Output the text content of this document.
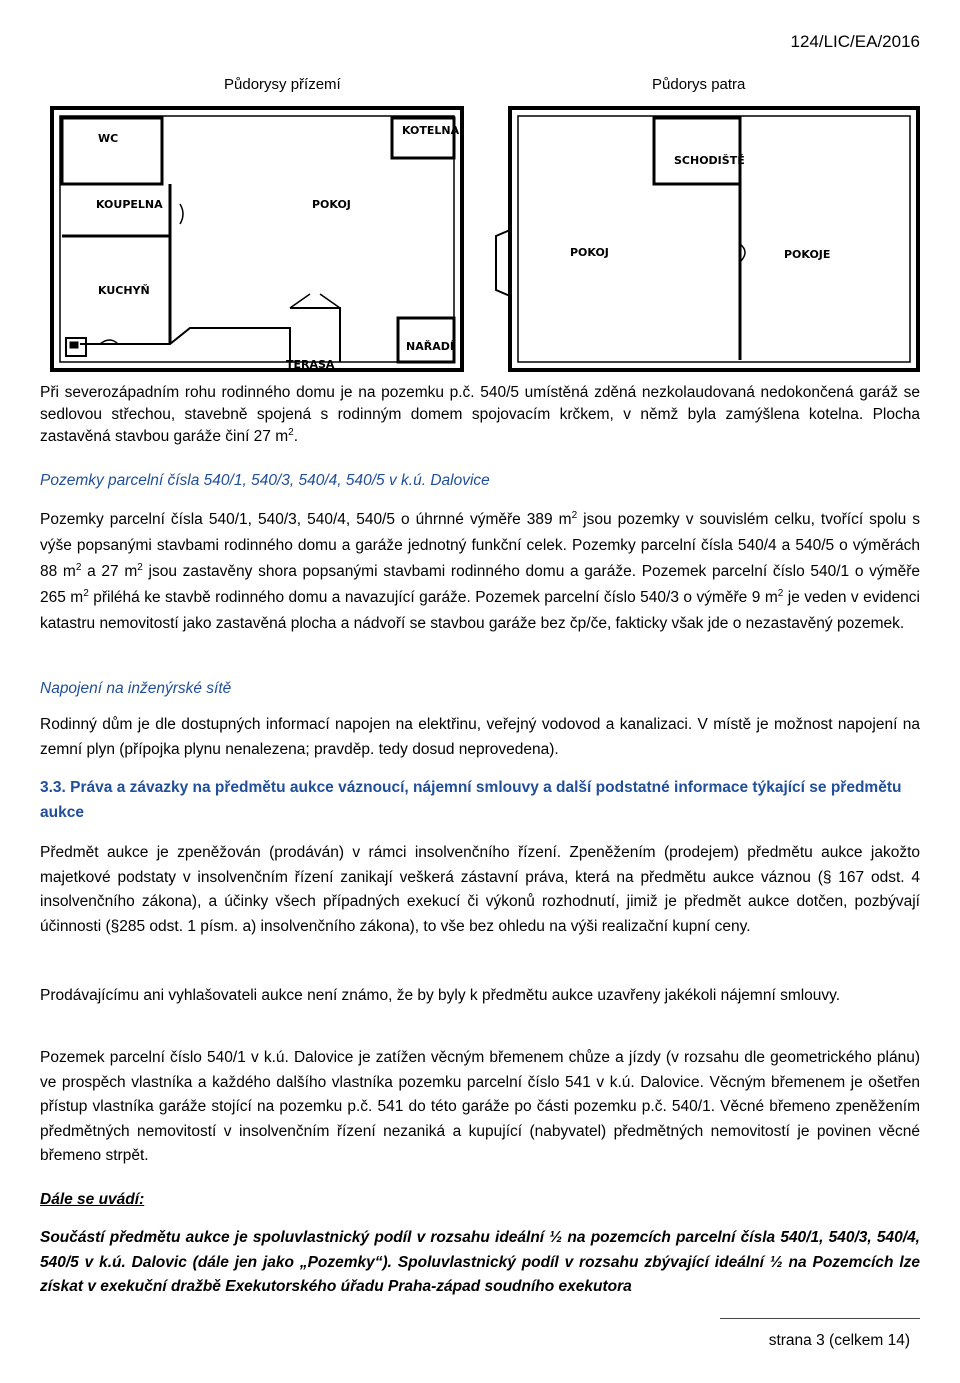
124/LIC/EA/2016
Půdorysy přízemí	Půdorys patra
WC
KOUPELNA
KOTELNA
POKOJ
KUCHYŇ
TERASA
NAŘADÍ
SCHODIŠTĚ
POKOJ	POKOJE
Při severozápadním rohu rodinného domu je na pozemku p.č. 540/5 umístěná zděná nezkolaudovaná nedokončená garáž se sedlovou střechou, stavebně spojená s rodinným domem spojovacím krčkem, v němž byla zamýšlena kotelna. Plocha zastavěná stavbou garáže činí 27 $m^2$.
Pozemky parcelní čísla 540/1, 540/3, 540/4, 540/5 v k.ú. Dalovice
Pozemky parcelní čísla 540/1, 540/3, 540/4, 540/5 o úhrnné výměře 389 $m^2$ jsou pozemky v souvislém celku, tvořící spolu s výše popsanými stavbami rodinného domu a garáže jednotný funkční celek. Pozemky parcelní čísla 540/4 a 540/5 o výměrách 88 $m^2$ a 27 $m^2$ jsou zastavěny shora popsanými stavbami rodinného domu a garáže. Pozemek parcelní číslo 540/1 o výměře 265 $m^2$ přiléhá ke stavbě rodinného domu a navazující garáže. Pozemek parcelní číslo 540/3 o výměře 9 $m^2$ je veden v evidenci katastru nemovitostí jako zastavěná plocha a nádvoří se stavbou garáže bez čp/če, fakticky však jde o nezastavěný pozemek.
Napojení na inženýrské sítě
Rodinný dům je dle dostupných informací napojen na elektřinu, veřejný vodovod a kanalizaci. V místě je možnost napojení na zemní plyn (přípojka plynu nenalezena; pravděp. tedy dosud neprovedena).
3.3. Práva a závazky na předmětu aukce váznoucí, nájemní smlouvy a další podstatné informace týkající se předmětu aukce
Předmět aukce je zpeněžován (prodáván) v rámci insolvenčního řízení. Zpeněžením (prodejem) předmětu aukce jakožto majetkové podstaty v insolvenčním řízení zanikají veškerá zástavní práva, která na předmětu aukce váznou (§ 167 odst. 4 insolvenčního zákona), a účinky všech případných exekucí či výkonů rozhodnutí, jimiž je předmět aukce dotčen, pozbývají účinnosti (§285 odst. 1 písm. a) insolvenčního zákona), to vše bez ohledu na výši realizační kupní ceny.
Prodávajícímu ani vyhlašovateli aukce není známo, že by byly k předmětu aukce uzavřeny jakékoli nájemní smlouvy.
Pozemek parcelní číslo 540/1 v k.ú. Dalovice je zatížen věcným břemenem chůze a jízdy (v rozsahu dle geometrického plánu) ve prospěch vlastníka a každého dalšího vlastníka pozemku parcelní číslo 541 v k.ú. Dalovice. Věcným břemenem je ošetřen přístup vlastníka garáže stojící na pozemku p.č. 541 do této garáže po části pozemku p.č. 540/1. Věcné břemeno zpeněžením předmětných nemovitostí v insolvenčním řízení nezaniká a kupující (nabyvatel) předmětných nemovitostí je povinen věcné břemeno strpět.
Dále se uvádí:
Součástí předmětu aukce je spoluvlastnický podíl v rozsahu ideální ½ na pozemcích parcelní čísla 540/1, 540/3, 540/4, 540/5 v k.ú. Dalovic (dále jen jako „Pozemky“). Spoluvlastnický podíl v rozsahu zbývající ideální ½ na Pozemcích lze získat v exekuční dražbě Exekutorského úřadu Praha-západ soudního exekutora
strana 3 (celkem 14)
